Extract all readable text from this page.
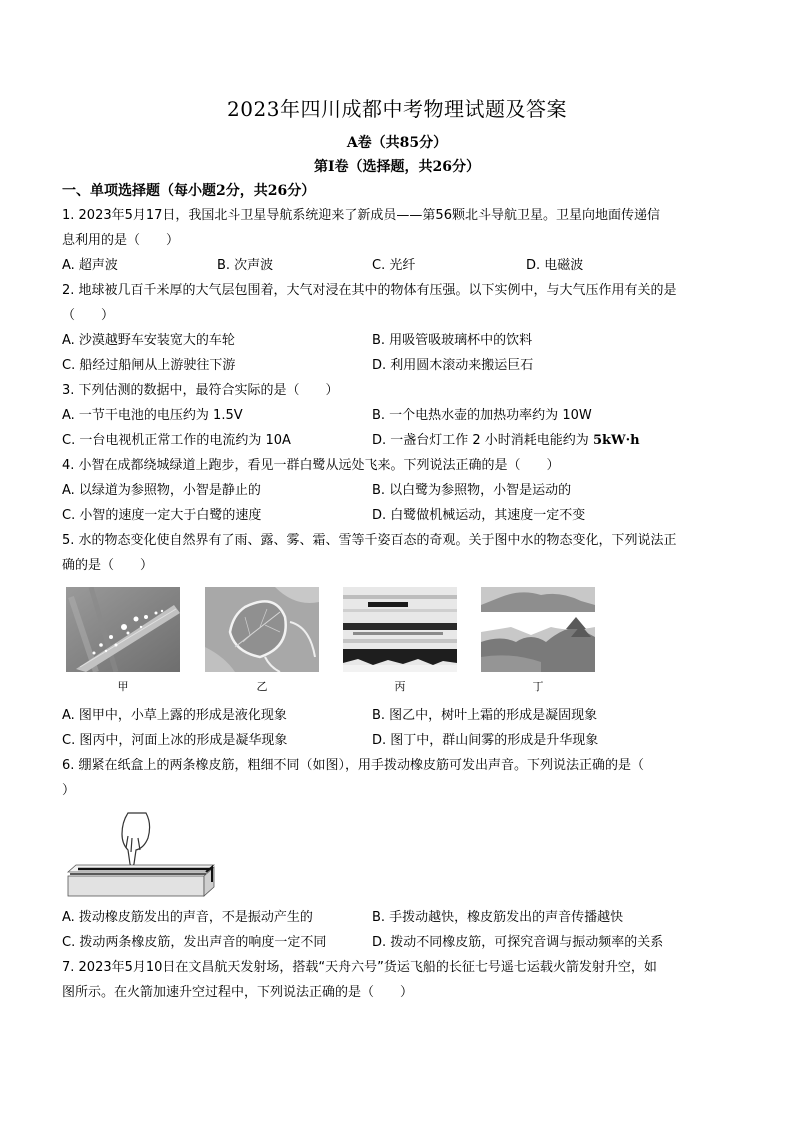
2023年四川成都中考物理试题及答案
A卷（共85分）
第Ⅰ卷（选择题，共26分）
一、单项选择题（每小题2分，共26分）
1. 2023年5月17日，我国北斗卫星导航系统迎来了新成员——第56颗北斗导航卫星。卫星向地面传递信
息利用的是（　　）
A. 超声波	B. 次声波	C. 光纤	D. 电磁波
2. 地球被几百千米厚的大气层包围着，大气对浸在其中的物体有压强。以下实例中，与大气压作用有关的是
（　　）
A. 沙漠越野车安装宽大的车轮	B. 用吸管吸玻璃杯中的饮料
C. 船经过船闸从上游驶往下游	D. 利用圆木滚动来搬运巨石
3. 下列估测的数据中，最符合实际的是（　　）
A. 一节干电池的电压约为 1.5V	B. 一个电热水壶的加热功率约为 10W
C. 一台电视机正常工作的电流约为 10A	D. 一盏台灯工作 2 小时消耗电能约为 5kW·h
4. 小智在成都绕城绿道上跑步，看见一群白鹭从远处飞来。下列说法正确的是（　　）
A. 以绿道为参照物，小智是静止的	B. 以白鹭为参照物，小智是运动的
C. 小智的速度一定大于白鹭的速度	D. 白鹭做机械运动，其速度一定不变
5. 水的物态变化使自然界有了雨、露、雾、霜、雪等千姿百态的奇观。关于图中水的物态变化，下列说法正
确的是（　　）
甲	乙	丙	丁
A. 图甲中，小草上露的形成是液化现象	B. 图乙中，树叶上霜的形成是凝固现象
C. 图丙中，河面上冰的形成是凝华现象	D. 图丁中，群山间雾的形成是升华现象
6. 绷紧在纸盒上的两条橡皮筋，粗细不同（如图），用手拨动橡皮筋可发出声音。下列说法正确的是（
）
A. 拨动橡皮筋发出的声音，不是振动产生的	B. 手拨动越快，橡皮筋发出的声音传播越快
C. 拨动两条橡皮筋，发出声音的响度一定不同	D. 拨动不同橡皮筋，可探究音调与振动频率的关系
7. 2023年5月10日在文昌航天发射场，搭载“天舟六号”货运飞船的长征七号遥七运载火箭发射升空，如
图所示。在火箭加速升空过程中，下列说法正确的是（　　）
